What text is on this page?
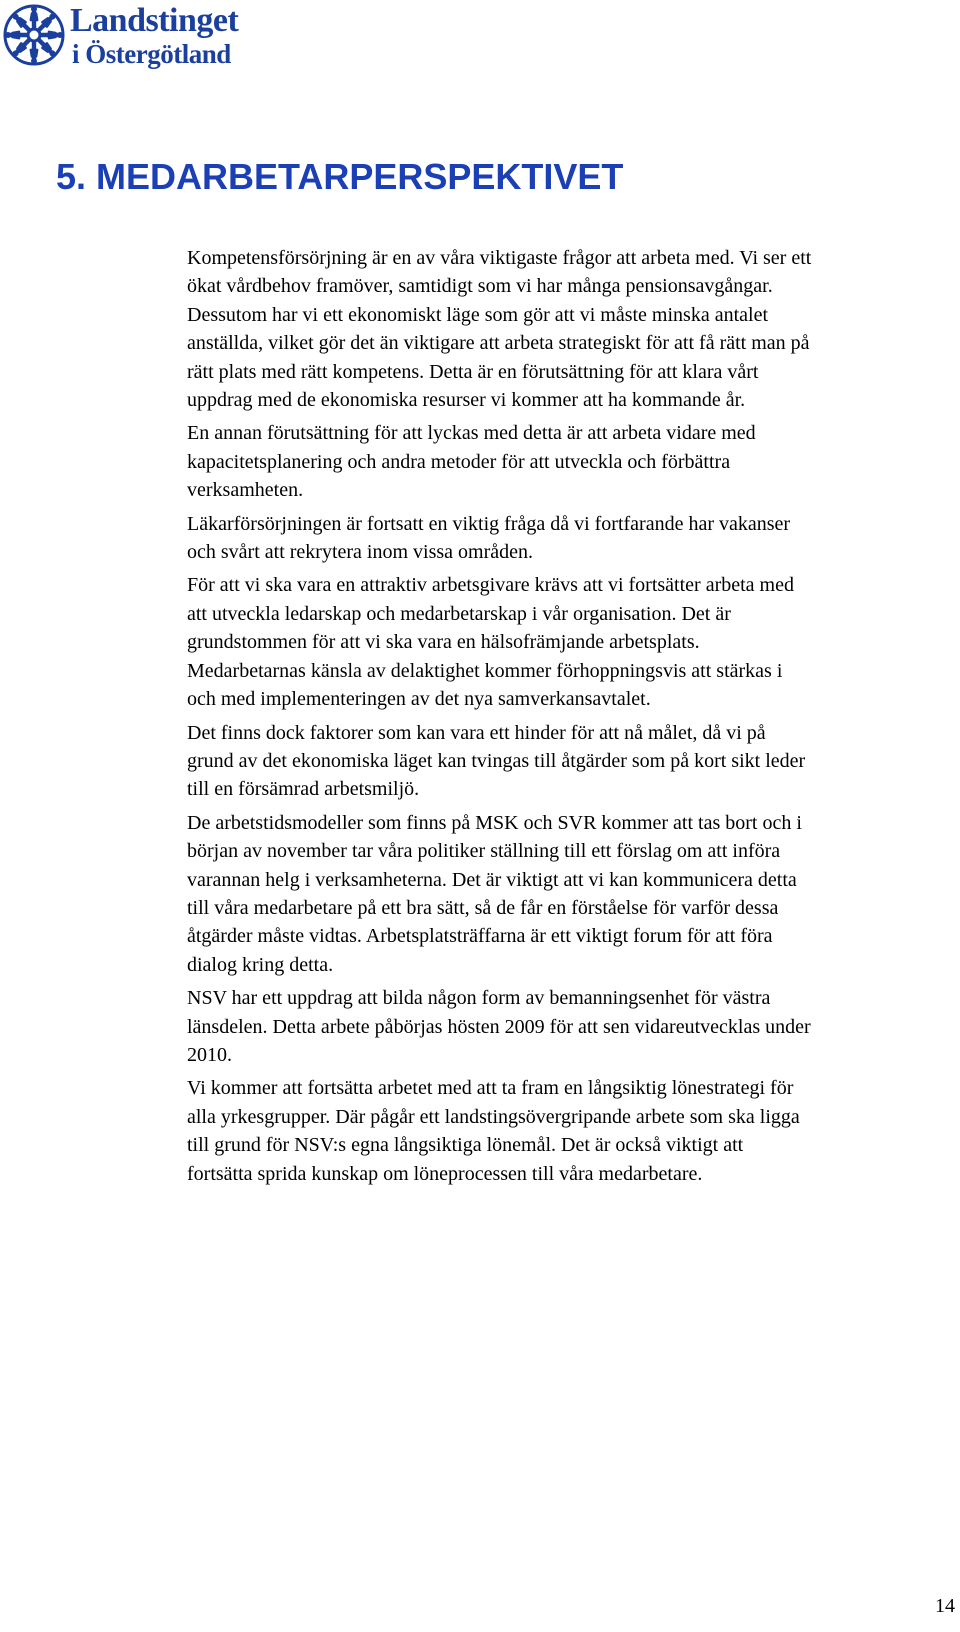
Landstinget
i Östergötland
5. MEDARBETARPERSPEKTIVET

Kompetensförsörjning är en av våra viktigaste frågor att arbeta med. Vi ser ett
ökat vårdbehov framöver, samtidigt som vi har många pensionsavgångar.
Dessutom har vi ett ekonomiskt läge som gör att vi måste minska antalet
anställda, vilket gör det än viktigare att arbeta strategiskt för att få rätt man på
rätt plats med rätt kompetens. Detta är en förutsättning för att klara vårt
uppdrag med de ekonomiska resurser vi kommer att ha kommande år.

En annan förutsättning för att lyckas med detta är att arbeta vidare med
kapacitetsplanering och andra metoder för att utveckla och förbättra
verksamheten.

Läkarförsörjningen är fortsatt en viktig fråga då vi fortfarande har vakanser
och svårt att rekrytera inom vissa områden.

För att vi ska vara en attraktiv arbetsgivare krävs att vi fortsätter arbeta med
att utveckla ledarskap och medarbetarskap i vår organisation. Det är
grundstommen för att vi ska vara en hälsofrämjande arbetsplats.
Medarbetarnas känsla av delaktighet kommer förhoppningsvis att stärkas i
och med implementeringen av det nya samverkansavtalet.

Det finns dock faktorer som kan vara ett hinder för att nå målet, då vi på
grund av det ekonomiska läget kan tvingas till åtgärder som på kort sikt leder
till en försämrad arbetsmiljö.

De arbetstidsmodeller som finns på MSK och SVR kommer att tas bort och i
början av november tar våra politiker ställning till ett förslag om att införa
varannan helg i verksamheterna. Det är viktigt att vi kan kommunicera detta
till våra medarbetare på ett bra sätt, så de får en förståelse för varför dessa
åtgärder måste vidtas. Arbetsplatsträffarna är ett viktigt forum för att föra
dialog kring detta.

NSV har ett uppdrag att bilda någon form av bemanningsenhet för västra
länsdelen. Detta arbete påbörjas hösten 2009 för att sen vidareutvecklas under
2010.

Vi kommer att fortsätta arbetet med att ta fram en långsiktig lönestrategi för
alla yrkesgrupper. Där pågår ett landstingsövergripande arbete som ska ligga
till grund för NSV:s egna långsiktiga lönemål. Det är också viktigt att
fortsätta sprida kunskap om löneprocessen till våra medarbetare.

14
